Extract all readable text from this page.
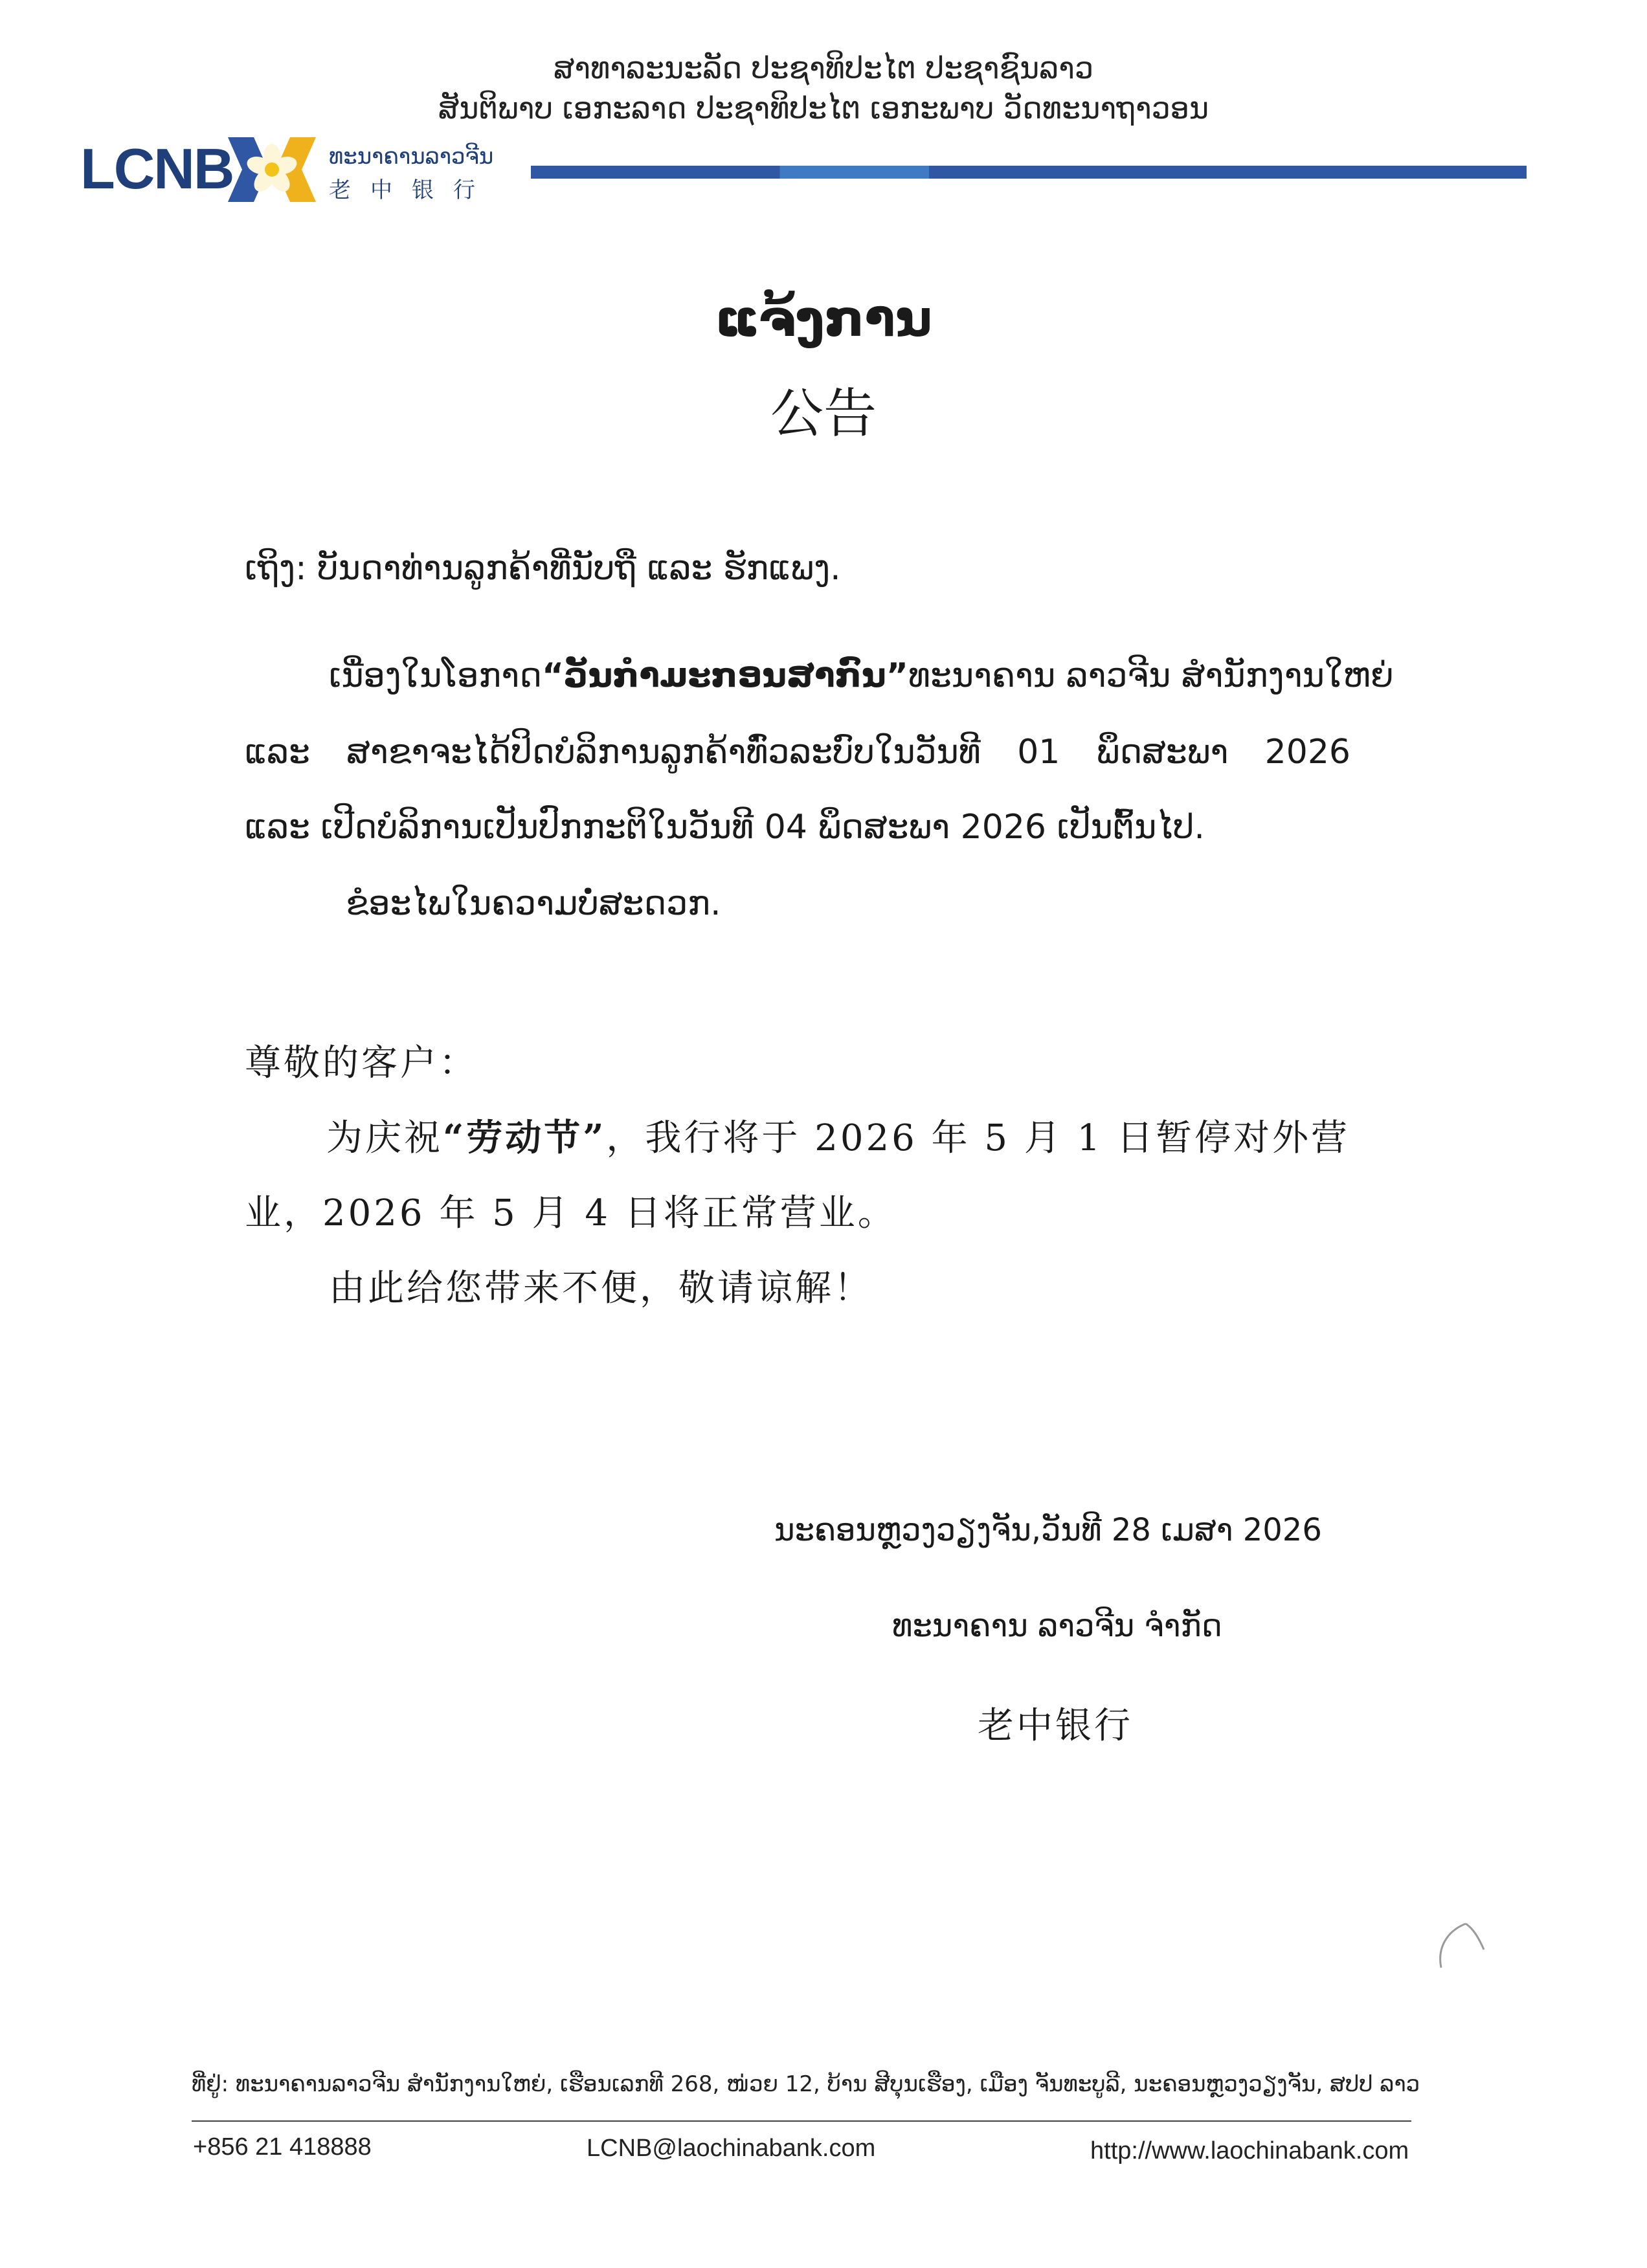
ສາທາລະນະລັດ ປະຊາທິປະໄຕ ປະຊາຊົນລາວ
ສັນຕິພາບ ເອກະລາດ ປະຊາທິປະໄຕ ເອກະພາບ ວັດທະນາຖາວອນ
LCNB	ທະນາຄານລາວຈີນ
老中银行
ແຈ້ງການ
公告
ເຖິງ: ບັນດາທ່ານລູກຄ້າທີ່ນັບຖື ແລະ ຮັກແພງ.
ເນື່ອງໃນໂອກາດ“ວັນກຳມະກອນສາກົນ”ທະນາຄານ ລາວຈີນ ສຳນັກງານໃຫຍ່
ແລະ ສາຂາຈະໄດ້ປິດບໍລິການລູກຄ້າທົ່ວລະບົບໃນວັນທີ 01 ພຶດສະພາ 2026
ແລະ ເປີດບໍລິການເປັນປົກກະຕິໃນວັນທີ 04 ພຶດສະພາ 2026 ເປັນຕົ້ນໄປ.
ຂໍອະໄພໃນຄວາມບໍ່ສະດວກ.
尊敬的客户：
为庆祝“劳动节”，我行将于 2026 年 5 月 1 日暂停对外营
业，2026 年 5 月 4 日将正常营业。
由此给您带来不便，敬请谅解！
ນະຄອນຫຼວງວຽງຈັນ,ວັນທີ 28 ເມສາ 2026
ທະນາຄານ ລາວຈີນ ຈຳກັດ
老中银行
ທີ່ຢູ່: ທະນາຄານລາວຈີນ ສຳນັກງານໃຫຍ່, ເຮືອນເລກທີ 268, ໜ່ວຍ 12, ບ້ານ ສີບຸນເຮືອງ, ເມືອງ ຈັນທະບູລີ, ນະຄອນຫຼວງວຽງຈັນ, ສປປ ລາວ
+856 21 418888	LCNB@laochinabank.com	http://www.laochinabank.com
